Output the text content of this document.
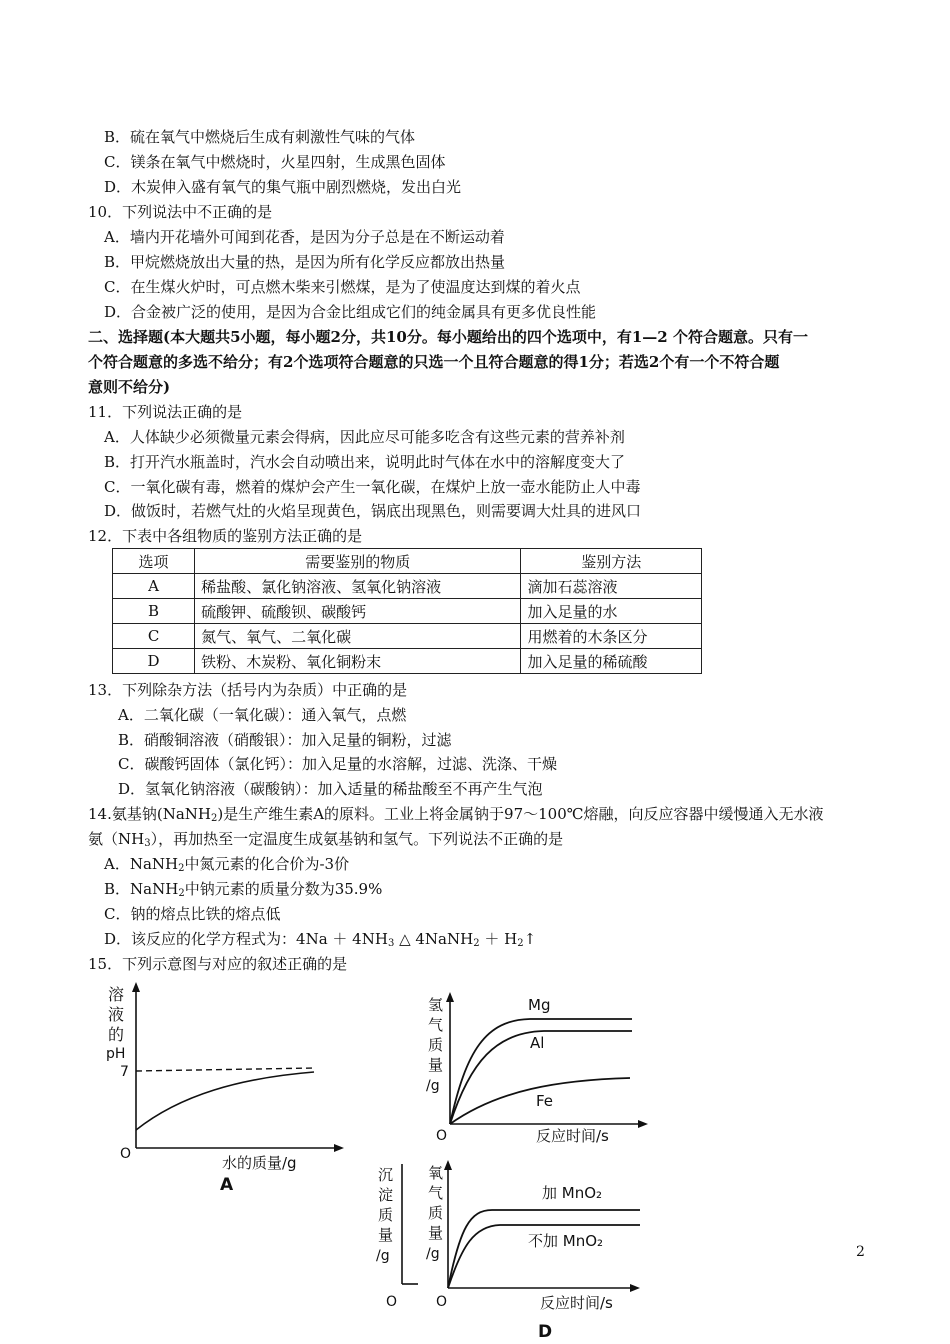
B．硫在氧气中燃烧后生成有刺激性气味的气体
C．镁条在氧气中燃烧时，火星四射，生成黑色固体
D．木炭伸入盛有氧气的集气瓶中剧烈燃烧，发出白光
10．下列说法中不正确的是
A．墙内开花墙外可闻到花香，是因为分子总是在不断运动着
B．甲烷燃烧放出大量的热，是因为所有化学反应都放出热量
C．在生煤火炉时，可点燃木柴来引燃煤，是为了使温度达到煤的着火点
D．合金被广泛的使用，是因为合金比组成它们的纯金属具有更多优良性能
二、选择题(本大题共5小题，每小题2分，共10分。每小题给出的四个选项中，有1—2 个符合题意。只有一
个符合题意的多选不给分；有2个选项符合题意的只选一个且符合题意的得1分；若选2个有一个不符合题
意则不给分)
11．下列说法正确的是
A．人体缺少必须微量元素会得病，因此应尽可能多吃含有这些元素的营养补剂
B．打开汽水瓶盖时，汽水会自动喷出来，说明此时气体在水中的溶解度变大了
C．一氧化碳有毒，燃着的煤炉会产生一氧化碳，在煤炉上放一壶水能防止人中毒
D．做饭时，若燃气灶的火焰呈现黄色，锅底出现黑色，则需要调大灶具的进风口
12．下表中各组物质的鉴别方法正确的是
选项	需要鉴别的物质	鉴别方法
A	稀盐酸、氯化钠溶液、氢氧化钠溶液	滴加石蕊溶液
B	硫酸钾、硫酸钡、碳酸钙	加入足量的水
C	氮气、氧气、二氧化碳	用燃着的木条区分
D	铁粉、木炭粉、氧化铜粉末	加入足量的稀硫酸
13．下列除杂方法（括号内为杂质）中正确的是
A．二氧化碳（一氧化碳）：通入氧气，点燃
B．硝酸铜溶液（硝酸银）：加入足量的铜粉，过滤
C．碳酸钙固体（氯化钙）：加入足量的水溶解，过滤、洗涤、干燥
D．氢氧化钠溶液（碳酸钠）：加入适量的稀盐酸至不再产生气泡
14.氨基钠(NaNH$_2$)是生产维生素A的原料。工业上将金属钠于97～100℃熔融，向反应容器中缓慢通入无水液
氨$(NH_3)$，再加热至一定温度生成氨基钠和氢气。下列说法不正确的是
A．NaNH$_2$中氮元素的化合价为-3价
B．NaNH$_2$中钠元素的质量分数为35.9%
C．钠的熔点比铁的熔点低
D．该反应的化学方程式为：$4Na + 4NH_3$ △ 4NaNH$_2$ ＋ $H_2↑$
15．下列示意图与对应的叙述正确的是
溶
液
的
pH
7
O	水的质量/g
A
氢
气
质
量
/g
Mg
Al
Fe
O	反应时间/s
沉
淀
质
量
/g
O
氧
气
质
量
/g
加 MnO₂
不加 MnO₂
O	反应时间/s
D
2
